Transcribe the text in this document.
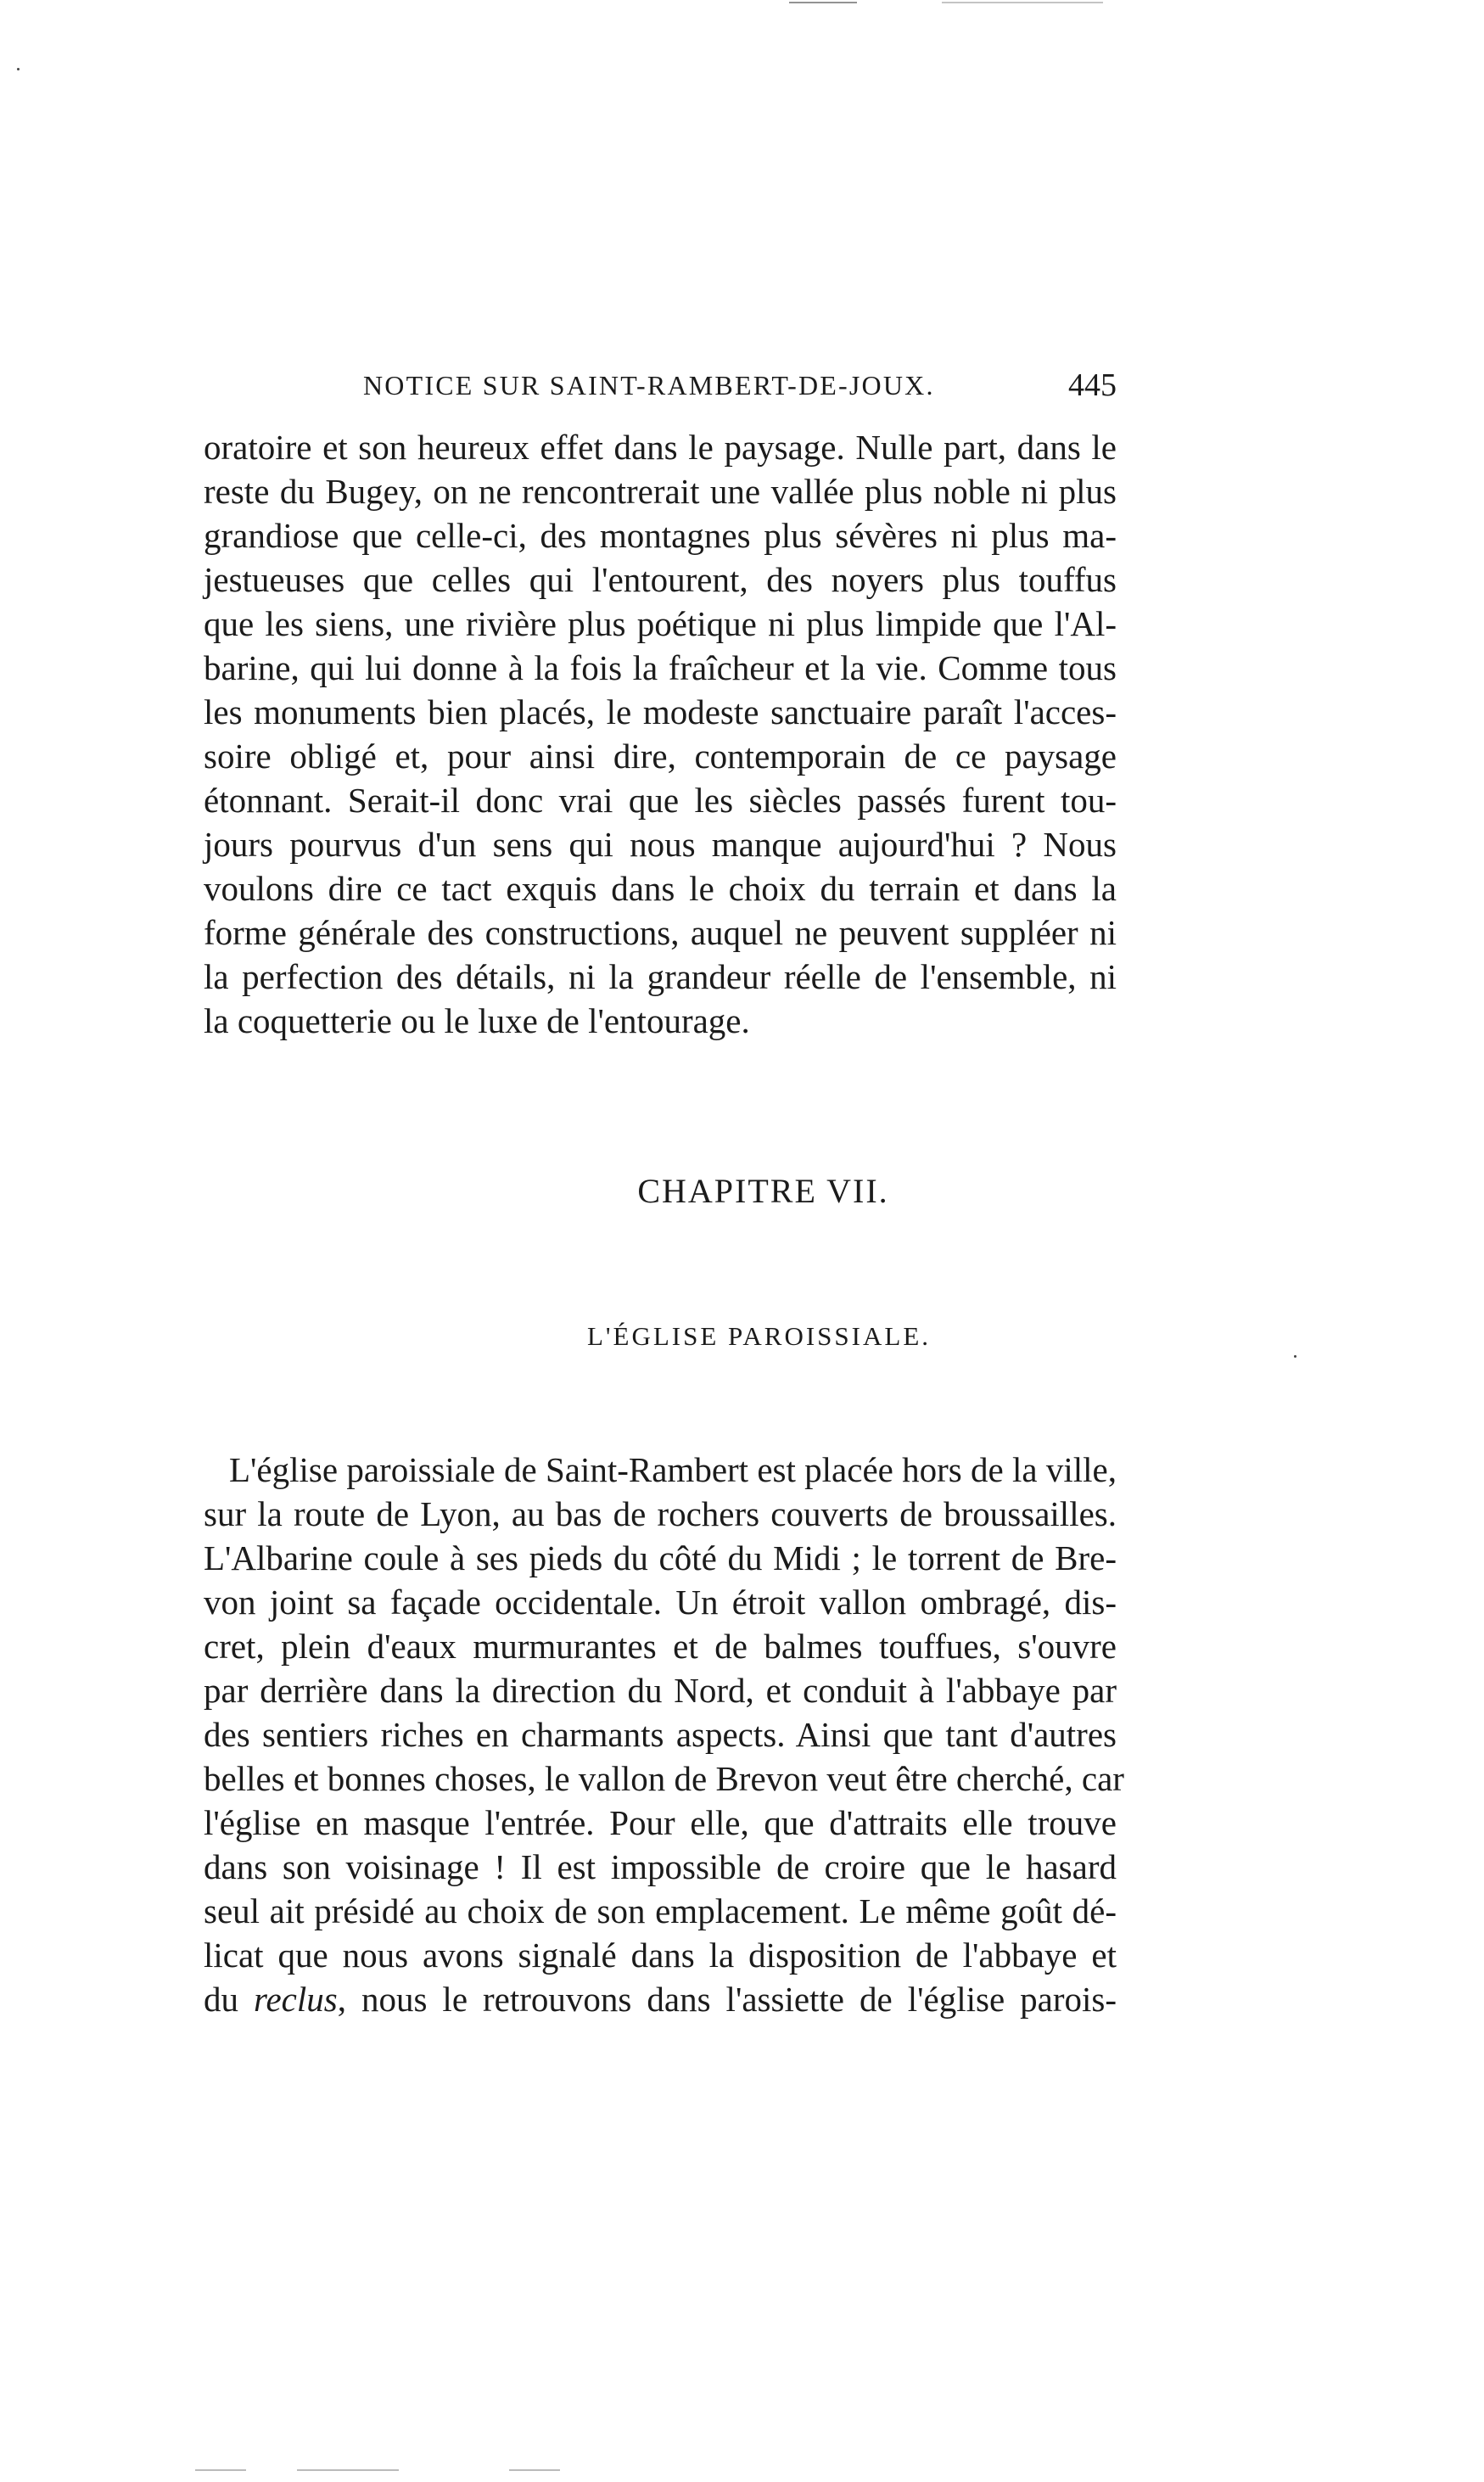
NOTICE SUR SAINT-RAMBERT-DE-JOUX.	445
oratoire et son heureux effet dans le paysage. Nulle part, dans le
reste du Bugey, on ne rencontrerait une vallée plus noble ni plus
grandiose que celle-ci, des montagnes plus sévères ni plus ma-
jestueuses que celles qui l'entourent, des noyers plus touffus
que les siens, une rivière plus poétique ni plus limpide que l'Al-
barine, qui lui donne à la fois la fraîcheur et la vie. Comme tous
les monuments bien placés, le modeste sanctuaire paraît l'acces-
soire obligé et, pour ainsi dire, contemporain de ce paysage
étonnant. Serait-il donc vrai que les siècles passés furent tou-
jours pourvus d'un sens qui nous manque aujourd'hui ? Nous
voulons dire ce tact exquis dans le choix du terrain et dans la
forme générale des constructions, auquel ne peuvent suppléer ni
la perfection des détails, ni la grandeur réelle de l'ensemble, ni
la coquetterie ou le luxe de l'entourage.
CHAPITRE VII.
L'ÉGLISE PAROISSIALE.
L'église paroissiale de Saint-Rambert est placée hors de la ville,
sur la route de Lyon, au bas de rochers couverts de broussailles.
L'Albarine coule à ses pieds du côté du Midi ; le torrent de Bre-
von joint sa façade occidentale. Un étroit vallon ombragé, dis-
cret, plein d'eaux murmurantes et de balmes touffues, s'ouvre
par derrière dans la direction du Nord, et conduit à l'abbaye par
des sentiers riches en charmants aspects. Ainsi que tant d'autres
belles et bonnes choses, le vallon de Brevon veut être cherché, car
l'église en masque l'entrée. Pour elle, que d'attraits elle trouve
dans son voisinage ! Il est impossible de croire que le hasard
seul ait présidé au choix de son emplacement. Le même goût dé-
licat que nous avons signalé dans la disposition de l'abbaye et
du reclus, nous le retrouvons dans l'assiette de l'église parois-
